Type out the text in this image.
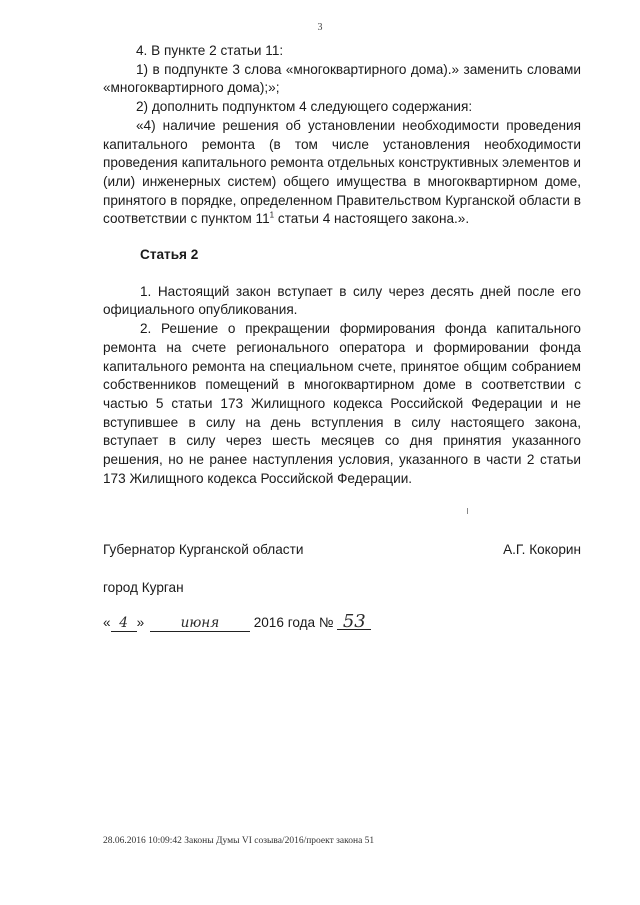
3

4. В пункте 2 статьи 11:

1) в подпункте 3 слова «многоквартирного дома).» заменить словами «многоквартирного дома);»;

2) дополнить подпунктом 4 следующего содержания:

«4) наличие решения об установлении необходимости проведения капитального ремонта (в том числе установления необходимости проведения капитального ремонта отдельных конструктивных элементов и (или) инженерных систем) общего имущества в многоквартирном доме, принятого в порядке, определенном Правительством Курганской области в соответствии с пунктом $11^1$ статьи 4 настоящего закона.».

Статья 2

1. Настоящий закон вступает в силу через десять дней после его официального опубликования.

2. Решение о прекращении формирования фонда капитального ремонта на счете регионального оператора и формировании фонда капитального ремонта на специальном счете, принятое общим собранием собственников помещений в многоквартирном доме в соответствии с частью 5 статьи 173 Жилищного кодекса Российской Федерации и не вступившее в силу на день вступления в силу настоящего закона, вступает в силу через шесть месяцев со дня принятия указанного решения, но не ранее наступления условия, указанного в части 2 статьи 173 Жилищного кодекса Российской Федерации.

Губернатор Курганской области	А.Г. Кокорин
город Курган
« 4 »	июня	2016 года № 53
28.06.2016 10:09:42 Законы Думы VI созыва/2016/проект закона 51
